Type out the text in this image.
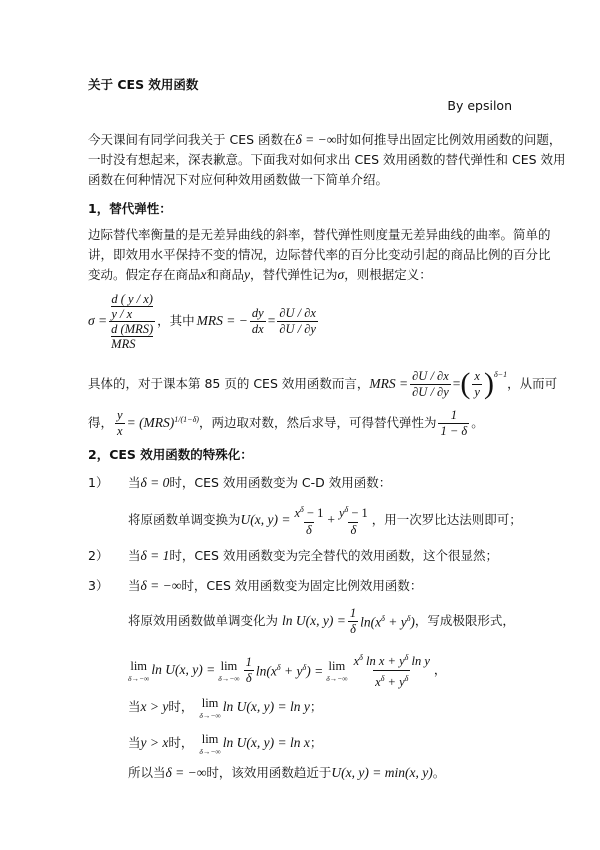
关于 CES 效用函数
By epsilon
今天课间有同学问我关于 CES 函数在δ = −∞时如何推导出固定比例效用函数的问题，
一时没有想起来，深表歉意。下面我对如何求出 CES 效用函数的替代弹性和 CES 效用
函数在何种情况下对应何种效用函数做一下简单介绍。
1，替代弹性：
边际替代率衡量的是无差异曲线的斜率，替代弹性则度量无差异曲线的曲率。简单的
讲，即效用水平保持不变的情况，边际替代率的百分比变动引起的商品比例的百分比
变动。假定存在商品x和商品y，替代弹性记为σ，则根据定义：
σ = d ( y / x)
y / x
d (MRS)
MRS ，其中 MRS = − $\frac{dy}{dx} = \frac{\partial U / \partial x}{\partial U / \partial y}$
具体的，对于课本第 85 页的 CES 效用函数而言， MRS = $\frac{\partial U / \partial x}{\partial U / \partial y}$ = ( $\frac{x}{y} )^{\delta-1}$
，从而可
得， $\frac{y}{x} = (MRS)^{1/(1-\delta)}$ ，两边取对数，然后求导，可得替代弹性为 $\frac{1}{1 - \delta}$ 。
2，CES 效用函数的特殊化：
1） 当δ = 0时，CES 效用函数变为 C-D 效用函数：
将原函数单调变换为 U(x, $y) = \frac{x^\delta - 1}{\delta} + \frac{y^\delta - 1}{\delta}$ ，用一次罗比达法则即可；
2） 当δ = 1时，CES 效用函数变为完全替代的效用函数，这个很显然；
3） 当δ = −∞时，CES 效用函数变为固定比例效用函数：
将原效用函数做单调变化为 ln U(x, $y) = \frac{1}{\delta} \ln(x^\delta + y^\delta)$ ，写成极限形式，
lim
δ→−∞
ln U(x, y) = lim
$\delta\to-\infty \frac{1}{\delta} \ln(x^\delta + y^\delta) = \lim$
$\delta\to-\infty \frac{x^\delta \ln x + y^\delta \ln y}{x^\delta + y^\delta}$ ，
当 x > y 时， lim
δ→−∞
ln U(x, y) = ln y ；
当 y > x 时， lim
δ→−∞
ln U(x, y) = ln x ；
所以当δ = −∞时，该效用函数趋近于U(x, y) = min(x, y)。
